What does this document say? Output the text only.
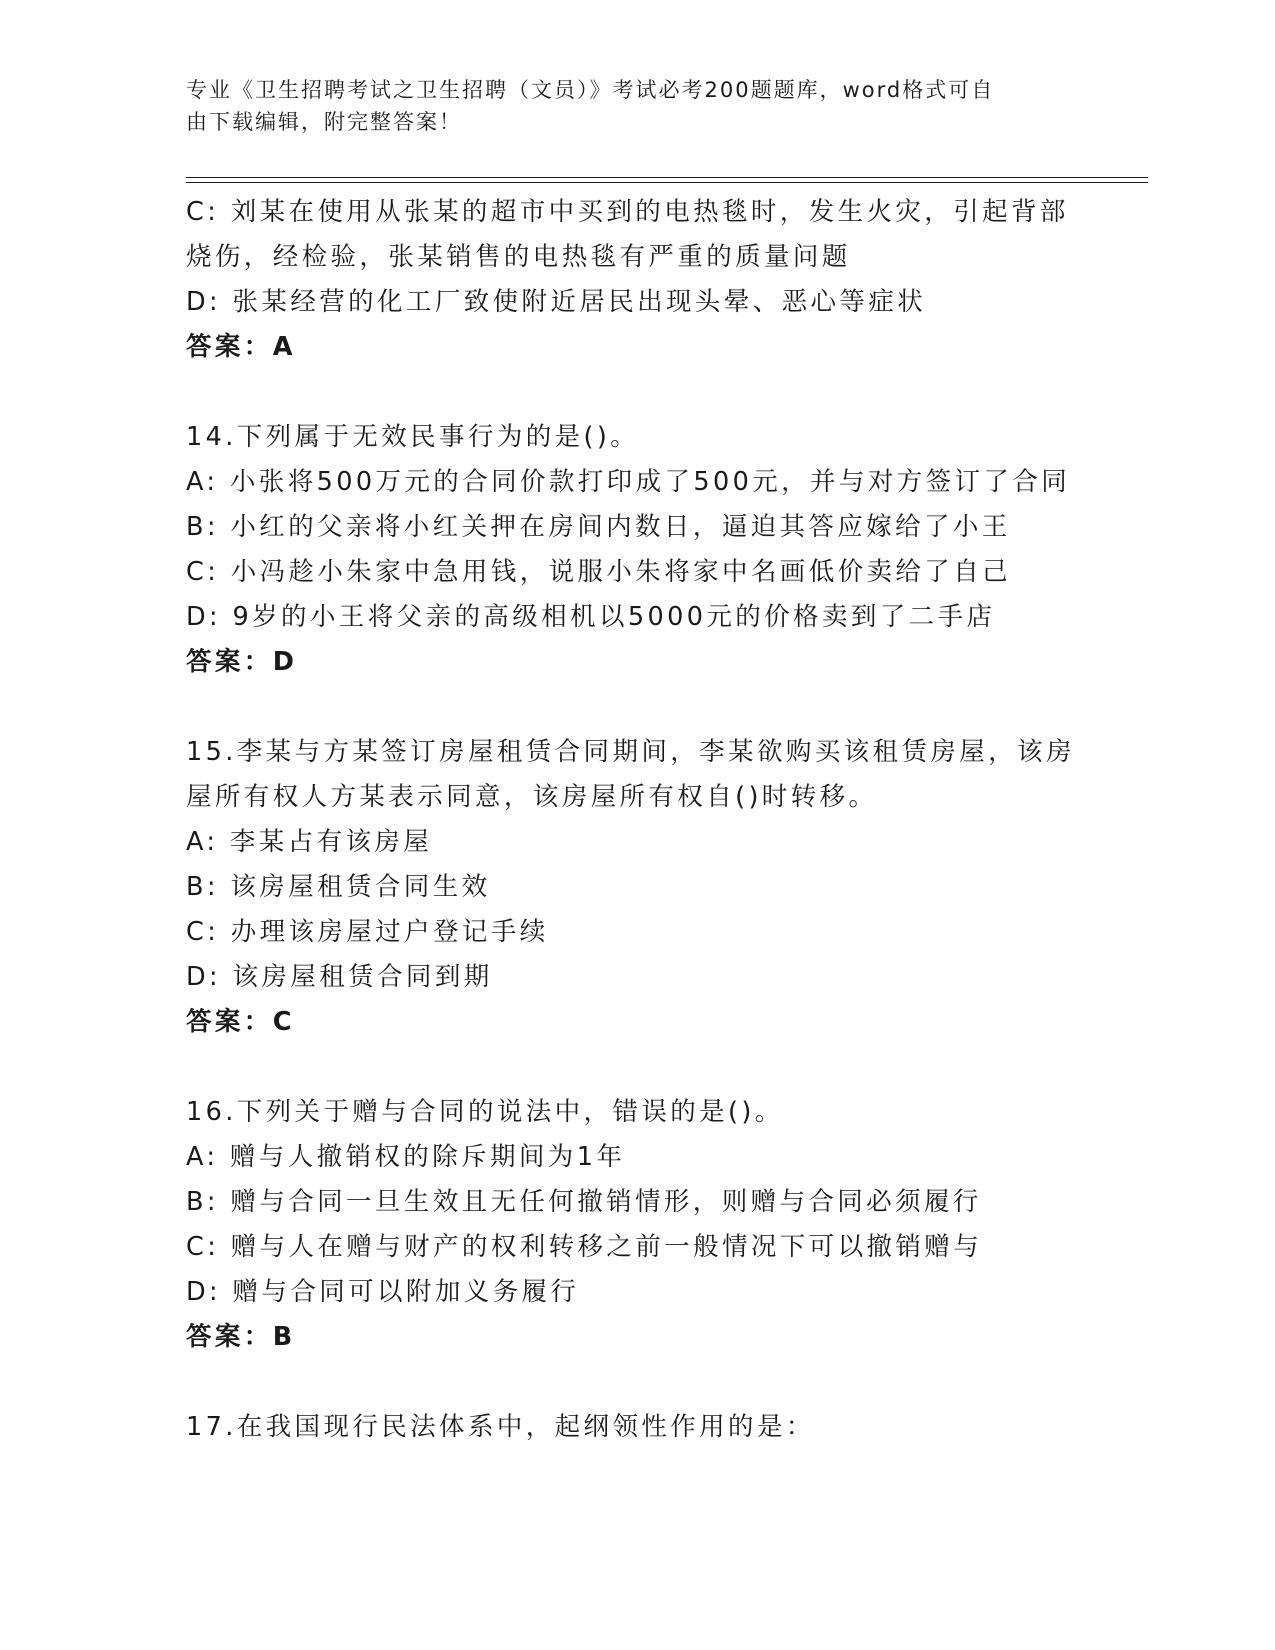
专业《卫生招聘考试之卫生招聘（文员）》考试必考200题题库，word格式可自
由下载编辑，附完整答案！
C: 刘某在使用从张某的超市中买到的电热毯时，发生火灾，引起背部
烧伤，经检验，张某销售的电热毯有严重的质量问题
D: 张某经营的化工厂致使附近居民出现头晕、恶心等症状
答案：A
14.下列属于无效民事行为的是()。
A: 小张将500万元的合同价款打印成了500元，并与对方签订了合同
B: 小红的父亲将小红关押在房间内数日，逼迫其答应嫁给了小王
C: 小冯趁小朱家中急用钱，说服小朱将家中名画低价卖给了自己
D: 9岁的小王将父亲的高级相机以5000元的价格卖到了二手店
答案：D
15.李某与方某签订房屋租赁合同期间，李某欲购买该租赁房屋，该房
屋所有权人方某表示同意，该房屋所有权自()时转移。
A: 李某占有该房屋
B: 该房屋租赁合同生效
C: 办理该房屋过户登记手续
D: 该房屋租赁合同到期
答案：C
16.下列关于赠与合同的说法中，错误的是()。
A: 赠与人撤销权的除斥期间为1年
B: 赠与合同一旦生效且无任何撤销情形，则赠与合同必须履行
C: 赠与人在赠与财产的权利转移之前一般情况下可以撤销赠与
D: 赠与合同可以附加义务履行
答案：B
17.在我国现行民法体系中，起纲领性作用的是：
